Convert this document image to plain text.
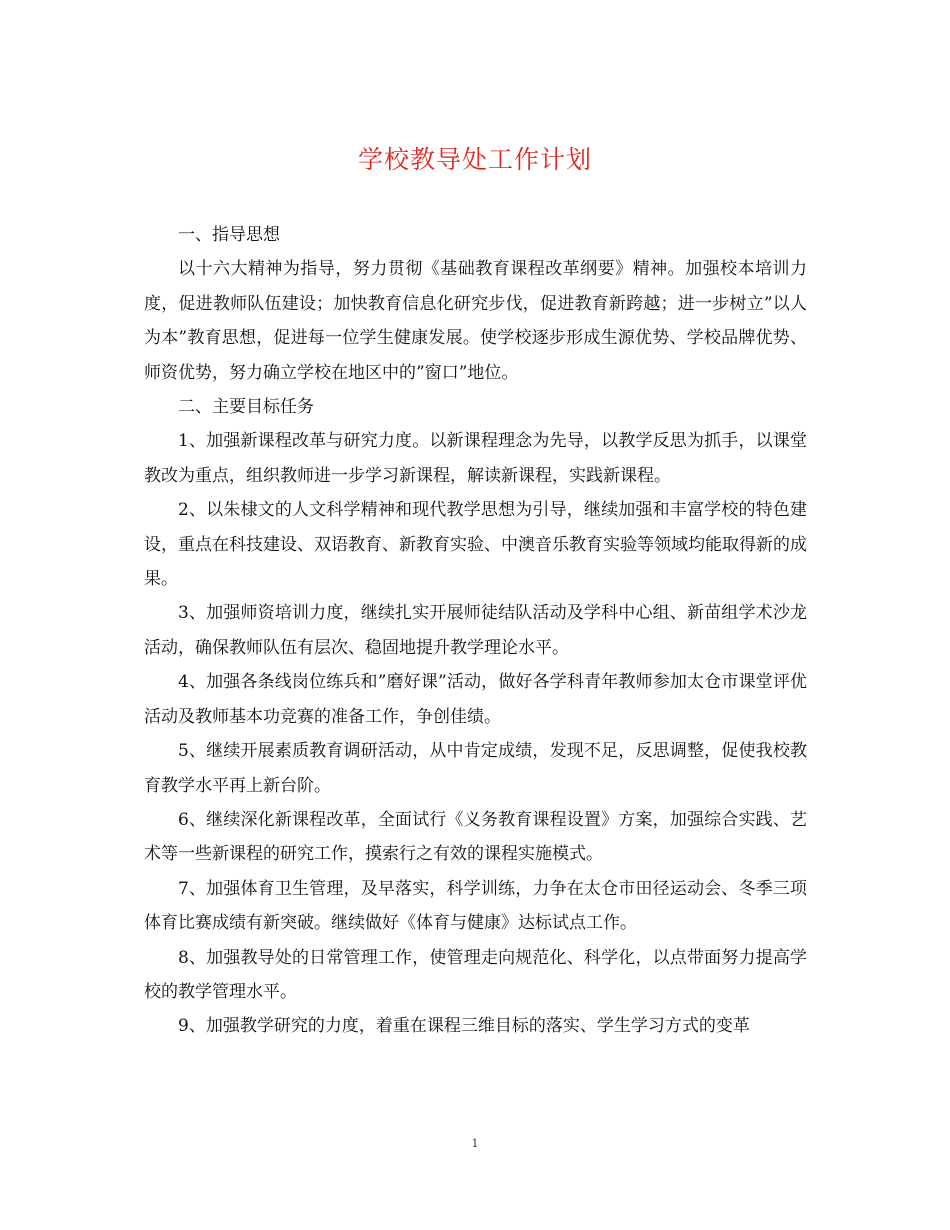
学校教导处工作计划

一、指导思想

以十六大精神为指导，努力贯彻《基础教育课程改革纲要》精神。加强校本培训力度，促进教师队伍建设；加快教育信息化研究步伐，促进教育新跨越；进一步树立”以人为本”教育思想，促进每一位学生健康发展。使学校逐步形成生源优势、学校品牌优势、师资优势，努力确立学校在地区中的”窗口”地位。

二、主要目标任务

1、加强新课程改革与研究力度。以新课程理念为先导，以教学反思为抓手，以课堂教改为重点，组织教师进一步学习新课程，解读新课程，实践新课程。

2、以朱棣文的人文科学精神和现代教学思想为引导，继续加强和丰富学校的特色建设，重点在科技建设、双语教育、新教育实验、中澳音乐教育实验等领域均能取得新的成果。

3、加强师资培训力度，继续扎实开展师徒结队活动及学科中心组、新苗组学术沙龙活动，确保教师队伍有层次、稳固地提升教学理论水平。

4、加强各条线岗位练兵和”磨好课”活动，做好各学科青年教师参加太仓市课堂评优活动及教师基本功竞赛的准备工作，争创佳绩。

5、继续开展素质教育调研活动，从中肯定成绩，发现不足，反思调整，促使我校教育教学水平再上新台阶。

6、继续深化新课程改革，全面试行《义务教育课程设置》方案，加强综合实践、艺术等一些新课程的研究工作，摸索行之有效的课程实施模式。

7、加强体育卫生管理，及早落实，科学训练，力争在太仓市田径运动会、冬季三项体育比赛成绩有新突破。继续做好《体育与健康》达标试点工作。

8、加强教导处的日常管理工作，使管理走向规范化、科学化，以点带面努力提高学校的教学管理水平。

9、加强教学研究的力度，着重在课程三维目标的落实、学生学习方式的变革

1
